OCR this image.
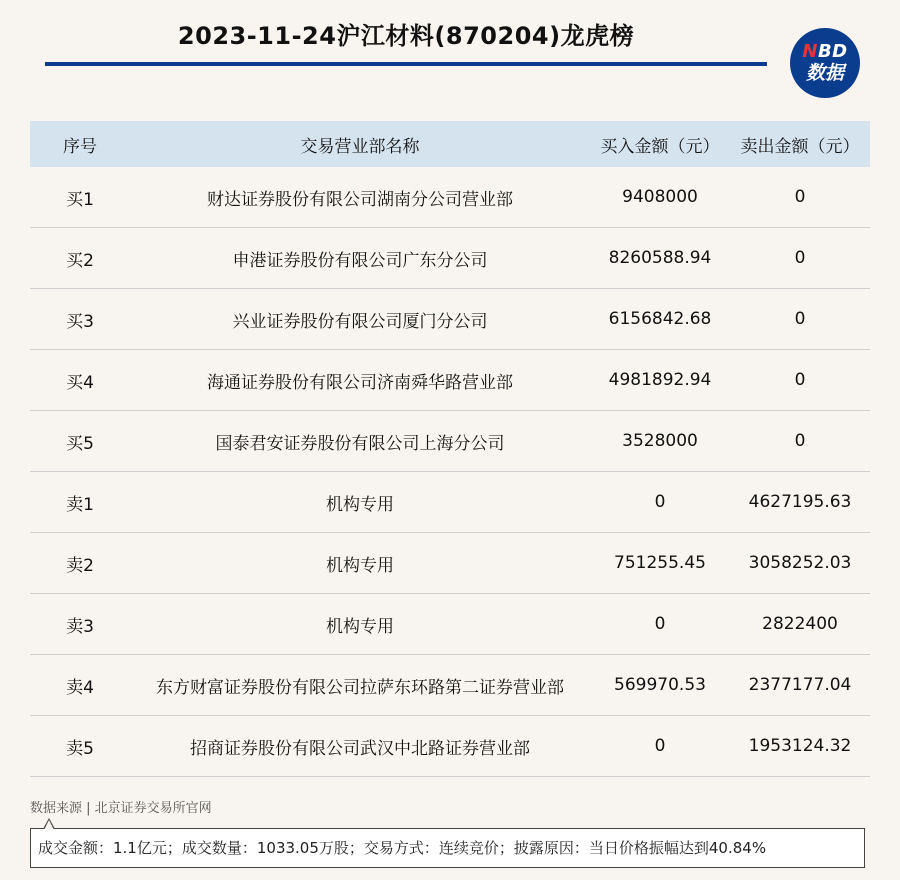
2023-11-24沪江材料(870204)龙虎榜
NBD
数据
序号	交易营业部名称	买入金额（元）	卖出金额（元）
买1	财达证券股份有限公司湖南分公司营业部	9408000	0
买2	申港证券股份有限公司广东分公司	8260588.94	0
买3	兴业证券股份有限公司厦门分公司	6156842.68	0
买4	海通证券股份有限公司济南舜华路营业部	4981892.94	0
买5	国泰君安证券股份有限公司上海分公司	3528000	0
卖1	机构专用	0	4627195.63
卖2	机构专用	751255.45	3058252.03
卖3	机构专用	0	2822400
卖4	东方财富证券股份有限公司拉萨东环路第二证券营业部	569970.53	2377177.04
卖5	招商证券股份有限公司武汉中北路证券营业部	0	1953124.32
数据来源 | 北京证券交易所官网
成交金额：1.1亿元；成交数量：1033.05万股；交易方式：连续竞价；披露原因：当日价格振幅达到40.84%
